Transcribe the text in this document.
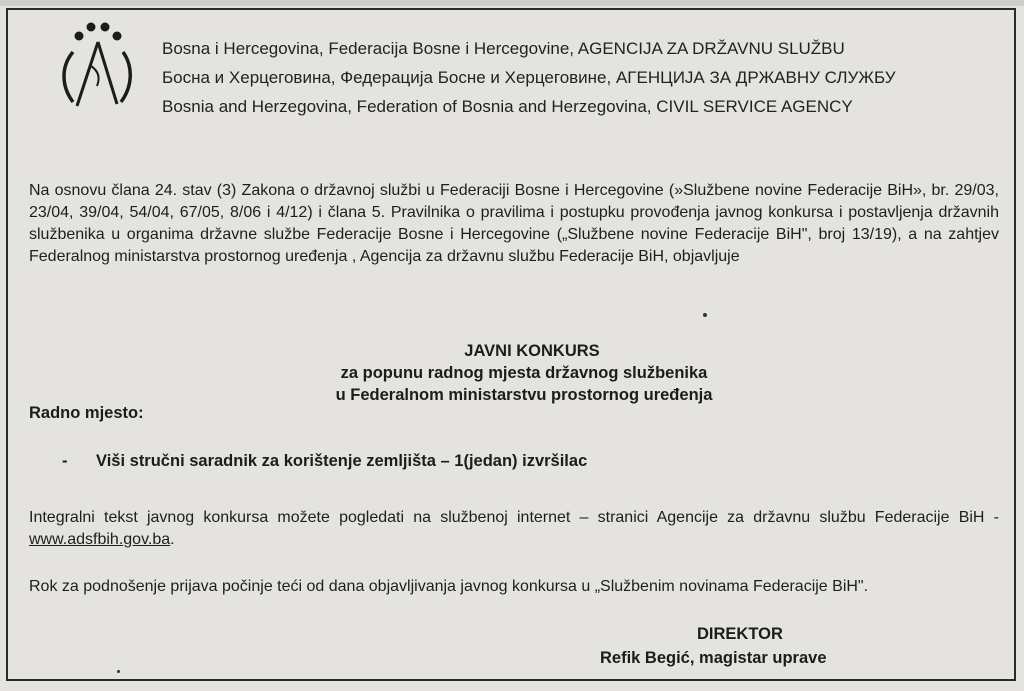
Bosna i Hercegovina, Federacija Bosne i Hercegovine, AGENCIJA ZA DRŽAVNU SLUŽBU
Босна и Херцеговина, Федерација Босне и Херцеговине, АГЕНЦИЈА ЗА ДРЖАВНУ СЛУЖБУ
Bosnia and Herzegovina, Federation of Bosnia and Herzegovina, CIVIL SERVICE AGENCY
Na osnovu člana 24. stav (3) Zakona o državnoj službi u Federaciji Bosne i Hercegovine (»Službene novine Federacije BiH», br. 29/03, 23/04, 39/04, 54/04, 67/05, 8/06 i 4/12) i člana 5. Pravilnika o pravilima i postupku provođenja javnog konkursa i postavljenja državnih službenika u organima državne službe Federacije Bosne i Hercegovine („Službene novine Federacije BiH", broj 13/19), a na zahtjev Federalnog ministarstva prostornog uređenja , Agencija za državnu službu Federacije BiH, objavljuje
JAVNI KONKURS
za popunu radnog mjesta državnog službenika
u Federalnom ministarstvu prostornog uređenja
Radno mjesto:
- Viši stručni saradnik za korištenje zemljišta – 1(jedan) izvršilac
Integralni tekst javnog konkursa možete pogledati na službenoj internet – stranici Agencije za državnu službu Federacije BiH - www.adsfbih.gov.ba.
Rok za podnošenje prijava počinje teći od dana objavljivanja javnog konkursa u „Službenim novinama Federacije BiH".
DIREKTOR
Refik Begić, magistar uprave
